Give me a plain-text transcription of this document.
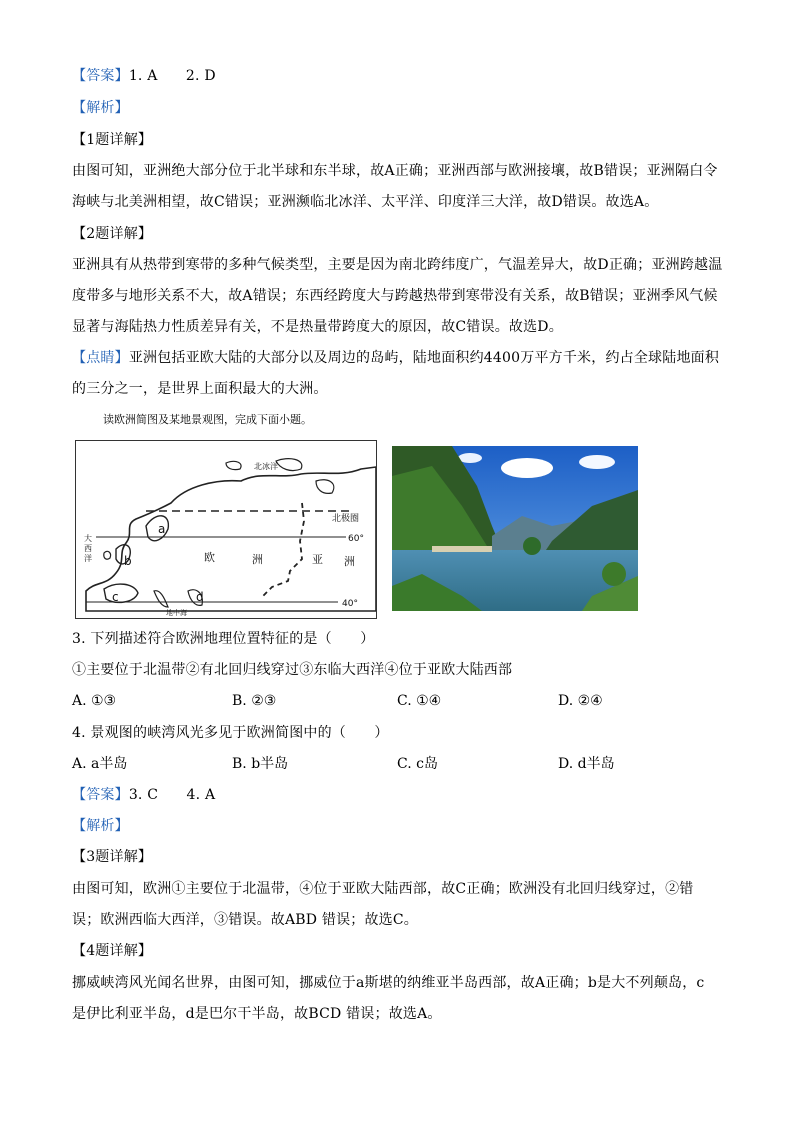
【答案】1. A　　2. D
【解析】
【1题详解】
由图可知，亚洲绝大部分位于北半球和东半球，故A正确；亚洲西部与欧洲接壤，故B错误；亚洲隔白令
海峡与北美洲相望，故C错误；亚洲濒临北冰洋、太平洋、印度洋三大洋，故D错误。故选A。
【2题详解】
亚洲具有从热带到寒带的多种气候类型，主要是因为南北跨纬度广，气温差异大，故D正确；亚洲跨越温
度带多与地形关系不大，故A错误；东西经跨度大与跨越热带到寒带没有关系，故B错误；亚洲季风气候
显著与海陆热力性质差异有关，不是热量带跨度大的原因，故C错误。故选D。
【点睛】亚洲包括亚欧大陆的大部分以及周边的岛屿，陆地面积约4400万平方千米，约占全球陆地面积
的三分之一，是世界上面积最大的大洲。
读欧洲简图及某地景观图，完成下面小题。
北冰洋
北极圈
60°
40°
大
西
洋	欧	洲	亚 洲
a
b
c	d
地中海
3. 下列描述符合欧洲地理位置特征的是（　　）
①主要位于北温带②有北回归线穿过③东临大西洋④位于亚欧大陆西部
A. ①③	B. ②③	C. ①④	D. ②④
4. 景观图的峡湾风光多见于欧洲简图中的（　　）
A. a半岛	B. b半岛	C. c岛	D. d半岛
【答案】3. C　　4. A
【解析】
【3题详解】
由图可知，欧洲①主要位于北温带，④位于亚欧大陆西部，故C正确；欧洲没有北回归线穿过，②错
误；欧洲西临大西洋，③错误。故ABD 错误；故选C。
【4题详解】
挪威峡湾风光闻名世界，由图可知，挪威位于a斯堪的纳维亚半岛西部，故A正确；b是大不列颠岛，c
是伊比利亚半岛，d是巴尔干半岛，故BCD 错误；故选A。
